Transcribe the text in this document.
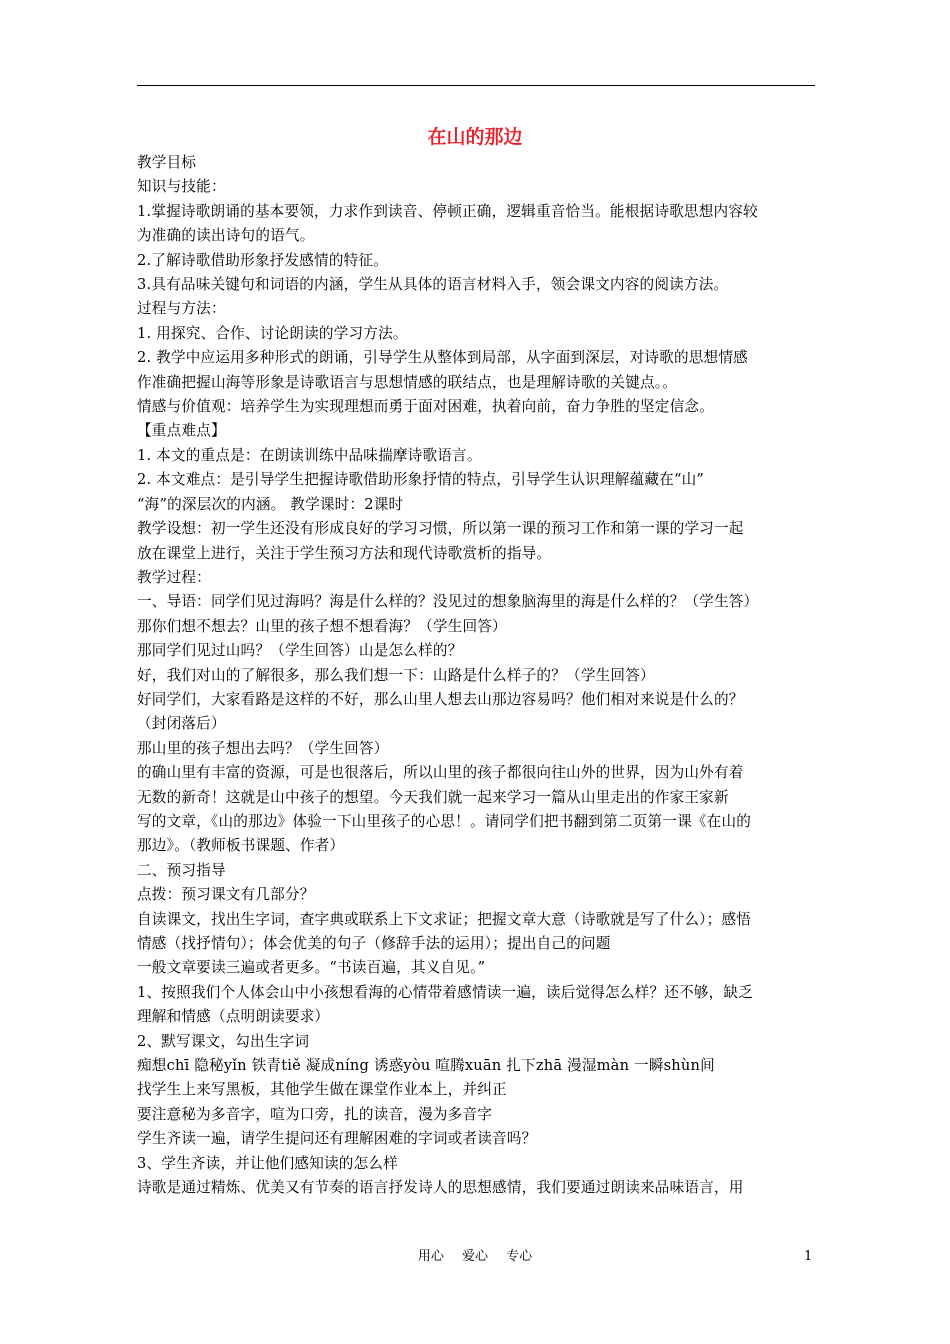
在山的那边

教学目标

知识与技能：

1.掌握诗歌朗诵的基本要领，力求作到读音、停顿正确，逻辑重音恰当。能根据诗歌思想内容较

为准确的读出诗句的语气。

2.了解诗歌借助形象抒发感情的特征。

3.具有品味关键句和词语的内涵，学生从具体的语言材料入手，领会课文内容的阅读方法。

过程与方法：

1. 用探究、合作、讨论朗读的学习方法。

2. 教学中应运用多种形式的朗诵，引导学生从整体到局部，从字面到深层，对诗歌的思想情感

作准确把握山海等形象是诗歌语言与思想情感的联结点，也是理解诗歌的关键点。。

情感与价值观：培养学生为实现理想而勇于面对困难，执着向前，奋力争胜的坚定信念。

【重点难点】

1. 本文的重点是：在朗读训练中品味揣摩诗歌语言。

2. 本文难点：是引导学生把握诗歌借助形象抒情的特点，引导学生认识理解蕴藏在“山”

“海”的深层次的内涵。 教学课时：2课时

教学设想：初一学生还没有形成良好的学习习惯，所以第一课的预习工作和第一课的学习一起

放在课堂上进行，关注于学生预习方法和现代诗歌赏析的指导。

教学过程：

一、导语：同学们见过海吗？海是什么样的？没见过的想象脑海里的海是什么样的？（学生答）

那你们想不想去？山里的孩子想不想看海？（学生回答）

那同学们见过山吗？（学生回答）山是怎么样的？

好，我们对山的了解很多，那么我们想一下：山路是什么样子的？（学生回答）

好同学们，大家看路是这样的不好，那么山里人想去山那边容易吗？他们相对来说是什么的？

（封闭落后）

那山里的孩子想出去吗？（学生回答）

的确山里有丰富的资源，可是也很落后，所以山里的孩子都很向往山外的世界，因为山外有着

无数的新奇！这就是山中孩子的想望。今天我们就一起来学习一篇从山里走出的作家王家新

写的文章，《山的那边》体验一下山里孩子的心思！。请同学们把书翻到第二页第一课《在山的

那边》。（教师板书课题、作者）

二、预习指导

点拨：预习课文有几部分？

自读课文，找出生字词，查字典或联系上下文求证；把握文章大意（诗歌就是写了什么）；感悟

情感（找抒情句）；体会优美的句子（修辞手法的运用）；提出自己的问题

一般文章要读三遍或者更多。“书读百遍，其义自见。”

1、按照我们个人体会山中小孩想看海的心情带着感情读一遍，读后觉得怎么样？还不够，缺乏

理解和情感（点明朗读要求）

2、默写课文，勾出生字词

痴想chī 隐秘yǐn 铁青tiě 凝成níng 诱惑yòu 喧腾xuān 扎下zhā 漫湿màn 一瞬shùn间

找学生上来写黑板，其他学生做在课堂作业本上，并纠正

要注意秘为多音字，喧为口旁，扎的读音，漫为多音字

学生齐读一遍，请学生提问还有理解困难的字词或者读音吗？

3、学生齐读，并让他们感知读的怎么样

诗歌是通过精炼、优美又有节奏的语言抒发诗人的思想感情，我们要通过朗读来品味语言，用

用心 爱心 专心	1
